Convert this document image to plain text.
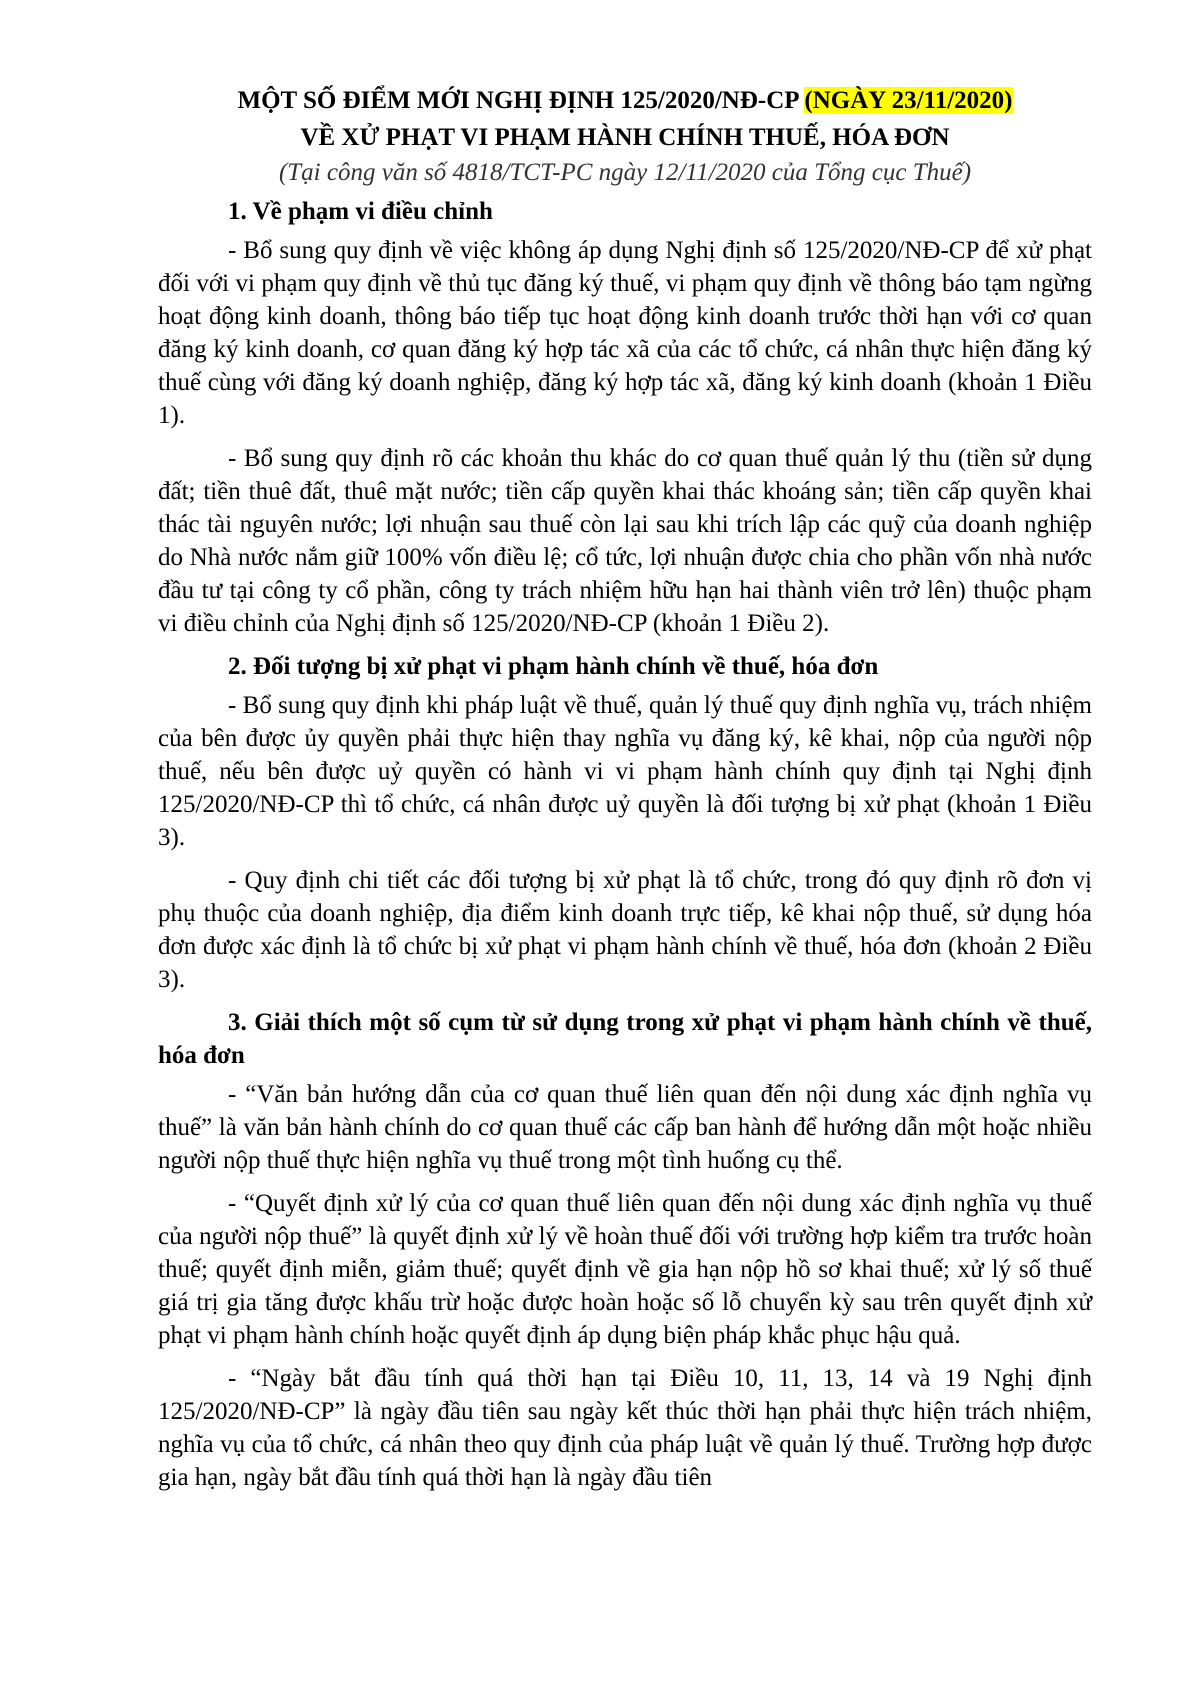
MỘT SỐ ĐIỂM MỚI NGHỊ ĐỊNH 125/2020/NĐ-CP (NGÀY 23/11/2020)

VỀ XỬ PHẠT VI PHẠM HÀNH CHÍNH THUẾ, HÓA ĐƠN

(Tại công văn số 4818/TCT-PC ngày 12/11/2020 của Tổng cục Thuế)

1. Về phạm vi điều chỉnh

- Bổ sung quy định về việc không áp dụng Nghị định số 125/2020/NĐ-CP để xử phạt đối với vi phạm quy định về thủ tục đăng ký thuế, vi phạm quy định về thông báo tạm ngừng hoạt động kinh doanh, thông báo tiếp tục hoạt động kinh doanh trước thời hạn với cơ quan đăng ký kinh doanh, cơ quan đăng ký hợp tác xã của các tổ chức, cá nhân thực hiện đăng ký thuế cùng với đăng ký doanh nghiệp, đăng ký hợp tác xã, đăng ký kinh doanh (khoản 1 Điều 1).

- Bổ sung quy định rõ các khoản thu khác do cơ quan thuế quản lý thu (tiền sử dụng đất; tiền thuê đất, thuê mặt nước; tiền cấp quyền khai thác khoáng sản; tiền cấp quyền khai thác tài nguyên nước; lợi nhuận sau thuế còn lại sau khi trích lập các quỹ của doanh nghiệp do Nhà nước nắm giữ 100% vốn điều lệ; cổ tức, lợi nhuận được chia cho phần vốn nhà nước đầu tư tại công ty cổ phần, công ty trách nhiệm hữu hạn hai thành viên trở lên) thuộc phạm vi điều chỉnh của Nghị định số 125/2020/NĐ-CP (khoản 1 Điều 2).

2. Đối tượng bị xử phạt vi phạm hành chính về thuế, hóa đơn

- Bổ sung quy định khi pháp luật về thuế, quản lý thuế quy định nghĩa vụ, trách nhiệm của bên được ủy quyền phải thực hiện thay nghĩa vụ đăng ký, kê khai, nộp của người nộp thuế, nếu bên được uỷ quyền có hành vi vi phạm hành chính quy định tại Nghị định 125/2020/NĐ-CP thì tổ chức, cá nhân được uỷ quyền là đối tượng bị xử phạt (khoản 1 Điều 3).

- Quy định chi tiết các đối tượng bị xử phạt là tổ chức, trong đó quy định rõ đơn vị phụ thuộc của doanh nghiệp, địa điểm kinh doanh trực tiếp, kê khai nộp thuế, sử dụng hóa đơn được xác định là tổ chức bị xử phạt vi phạm hành chính về thuế, hóa đơn (khoản 2 Điều 3).

3. Giải thích một số cụm từ sử dụng trong xử phạt vi phạm hành chính về thuế, hóa đơn

- “Văn bản hướng dẫn của cơ quan thuế liên quan đến nội dung xác định nghĩa vụ thuế” là văn bản hành chính do cơ quan thuế các cấp ban hành để hướng dẫn một hoặc nhiều người nộp thuế thực hiện nghĩa vụ thuế trong một tình huống cụ thể.

- “Quyết định xử lý của cơ quan thuế liên quan đến nội dung xác định nghĩa vụ thuế của người nộp thuế” là quyết định xử lý về hoàn thuế đối với trường hợp kiểm tra trước hoàn thuế; quyết định miễn, giảm thuế; quyết định về gia hạn nộp hồ sơ khai thuế; xử lý số thuế giá trị gia tăng được khấu trừ hoặc được hoàn hoặc số lỗ chuyển kỳ sau trên quyết định xử phạt vi phạm hành chính hoặc quyết định áp dụng biện pháp khắc phục hậu quả.

- “Ngày bắt đầu tính quá thời hạn tại Điều 10, 11, 13, 14 và 19 Nghị định 125/2020/NĐ-CP” là ngày đầu tiên sau ngày kết thúc thời hạn phải thực hiện trách nhiệm, nghĩa vụ của tổ chức, cá nhân theo quy định của pháp luật về quản lý thuế. Trường hợp được gia hạn, ngày bắt đầu tính quá thời hạn là ngày đầu tiên
